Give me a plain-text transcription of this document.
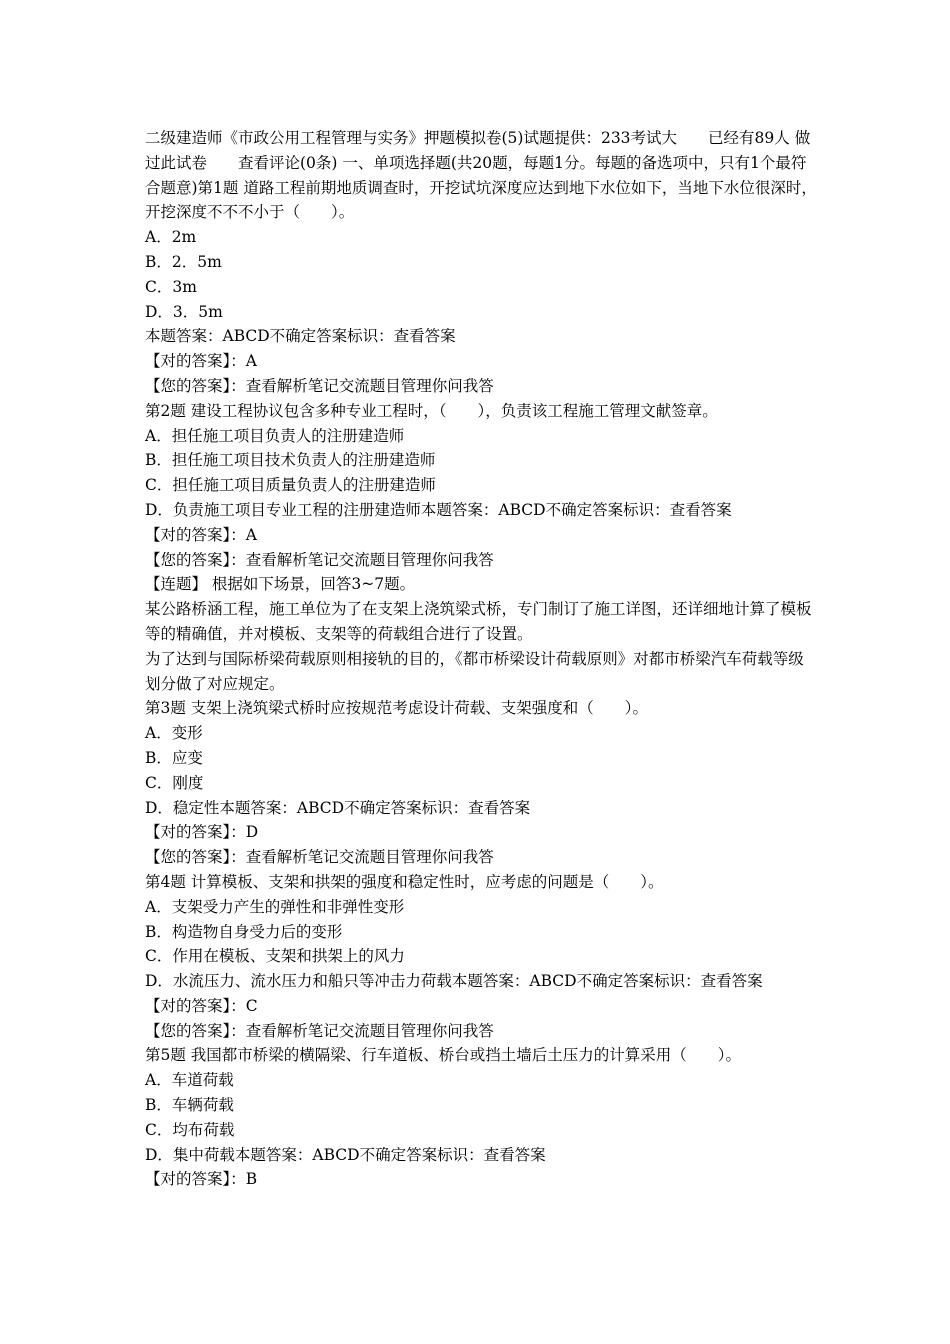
二级建造师《市政公用工程管理与实务》押题模拟卷(5)试题提供：233考试大　　已经有89人 做过此试卷　　查看评论(0条) 一、单项选择题(共20题，每题1分。每题的备选项中，只有1个最符合题意)第1题 道路工程前期地质调查时，开挖试坑深度应达到地下水位如下，当地下水位很深时，开挖深度不不不小于（　　）。

A．2m

B．2．5m

C．3m

D．3．5m

本题答案：ABCD不确定答案标识：查看答案

【对的答案】：A

【您的答案】：查看解析笔记交流题目管理你问我答

第2题 建设工程协议包含多种专业工程时，（　　），负责该工程施工管理文献签章。

A．担任施工项目负责人的注册建造师

B．担任施工项目技术负责人的注册建造师

C．担任施工项目质量负责人的注册建造师

D．负责施工项目专业工程的注册建造师本题答案：ABCD不确定答案标识：查看答案

【对的答案】：A

【您的答案】：查看解析笔记交流题目管理你问我答

【连题】 根据如下场景，回答3~7题。

某公路桥涵工程，施工单位为了在支架上浇筑梁式桥，专门制订了施工详图，还详细地计算了模板等的精确值，并对模板、支架等的荷载组合进行了设置。

为了达到与国际桥梁荷载原则相接轨的目的，《都市桥梁设计荷载原则》对都市桥梁汽车荷载等级划分做了对应规定。

第3题 支架上浇筑梁式桥时应按规范考虑设计荷载、支架强度和（　　）。

A．变形

B．应变

C．刚度

D．稳定性本题答案：ABCD不确定答案标识：查看答案

【对的答案】：D

【您的答案】：查看解析笔记交流题目管理你问我答

第4题 计算模板、支架和拱架的强度和稳定性时，应考虑的问题是（　　）。

A．支架受力产生的弹性和非弹性变形

B．构造物自身受力后的变形

C．作用在模板、支架和拱架上的风力

D．水流压力、流水压力和船只等冲击力荷载本题答案：ABCD不确定答案标识：查看答案

【对的答案】：C

【您的答案】：查看解析笔记交流题目管理你问我答

第5题 我国都市桥梁的横隔梁、行车道板、桥台或挡土墙后土压力的计算采用（　　）。

A．车道荷载

B．车辆荷载

C．均布荷载

D．集中荷载本题答案：ABCD不确定答案标识：查看答案

【对的答案】：B
